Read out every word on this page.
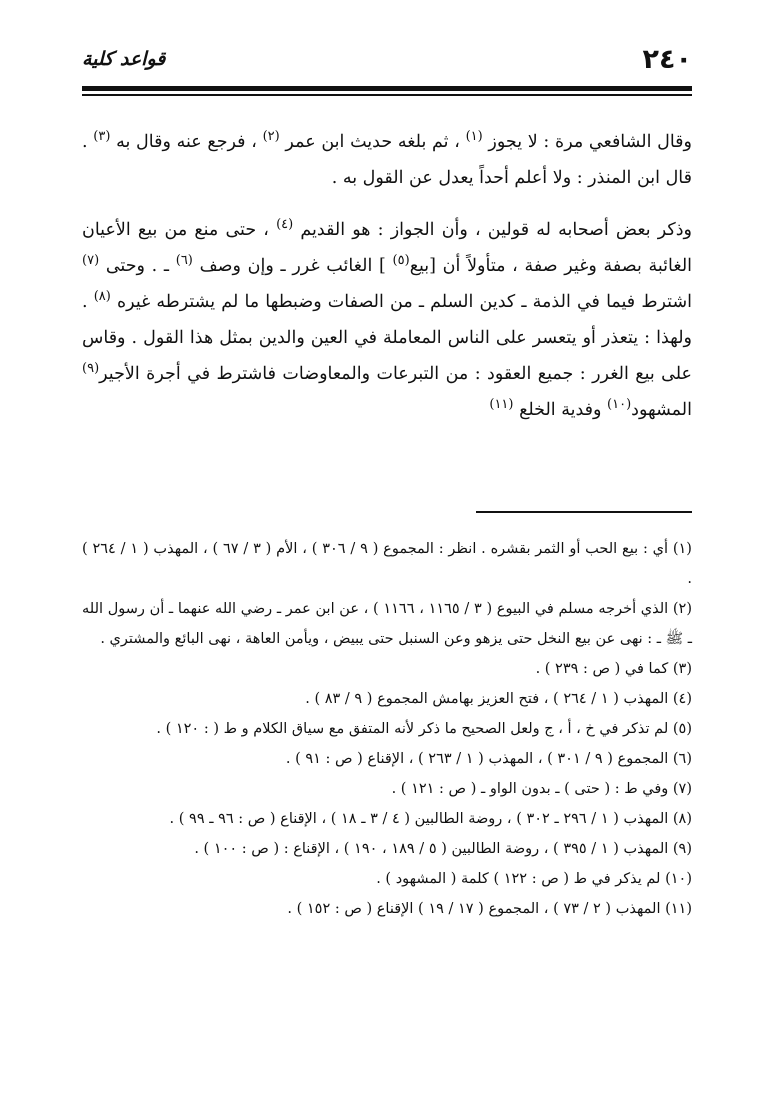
٢٤٠
قواعد كلية

وقال الشافعي مرة : لا يجوز $^{(١)}$ ، ثم بلغه حديث ابن عمر $^{(٢)}$ ، فرجع عنه وقال به $^{(٣)}$ . قال ابن المنذر : ولا أعلم أحداً يعدل عن القول به .

وذكر بعض أصحابه له قولين ، وأن الجواز : هو القديم $^{(٤)}$ ، حتى منع من بيع الأعيان الغائبة بصفة وغير صفة ، متأولاً أن [بيع$^{(٥)}$ ] الغائب غرر ـ وإن وصف $^{(٦)}$ ـ . وحتى $^{(٧)}$ اشترط فيما في الذمة ـ كدين السلم ـ من الصفات وضبطها ما لم يشترطه غيره $^{(٨)}$ . ولهذا : يتعذر أو يتعسر على الناس المعاملة في العين والدين بمثل هذا القول . وقاس على بيع الغرر : جميع العقود : من التبرعات والمعاوضات فاشترط في أجرة الأجير$^{(٩)}$ المشهود$^{(١٠)}$ وفدية الخلع $^{(١١)}$

(١) أي : بيع الحب أو الثمر بقشره . انظر : المجموع ( ٩ / ٣٠٦ ) ، الأم ( ٣ / ٦٧ ) ، المهذب ( ١ / ٢٦٤ ) .

(٢) الذي أخرجه مسلم في البيوع ( ٣ / ١١٦٥ ، ١١٦٦ ) ، عن ابن عمر ـ رضي الله عنهما ـ أن رسول الله ـ ﷺ ـ : نهى عن بيع النخل حتى يزهو وعن السنبل حتى يبيض ، ويأمن العاهة ، نهى البائع والمشتري .

(٣) كما في ( ص : ٢٣٩ ) .

(٤) المهذب ( ١ / ٢٦٤ ) ، فتح العزيز بهامش المجموع ( ٩ / ٨٣ ) .

(٥) لم تذكر في خ ، أ ، ج ولعل الصحيح ما ذكر لأنه المتفق مع سياق الكلام و ط ( : ١٢٠ ) .

(٦) المجموع ( ٩ / ٣٠١ ) ، المهذب ( ١ / ٢٦٣ ) ، الإقناع ( ص : ٩١ ) .

(٧) وفي ط : ( حتى ) ـ بدون الواو ـ ( ص : ١٢١ ) .

(٨) المهذب ( ١ / ٢٩٦ ـ ٣٠٢ ) ، روضة الطالبين ( ٤ / ٣ ـ ١٨ ) ، الإقناع ( ص : ٩٦ ـ ٩٩ ) .

(٩) المهذب ( ١ / ٣٩٥ ) ، روضة الطالبين ( ٥ / ١٨٩ ، ١٩٠ ) ، الإقناع : ( ص : ١٠٠ ) .

(١٠) لم يذكر في ط ( ص : ١٢٢ ) كلمة ( المشهود ) .

(١١) المهذب ( ٢ / ٧٣ ) ، المجموع ( ١٧ / ١٩ ) الإقناع ( ص : ١٥٢ ) .
